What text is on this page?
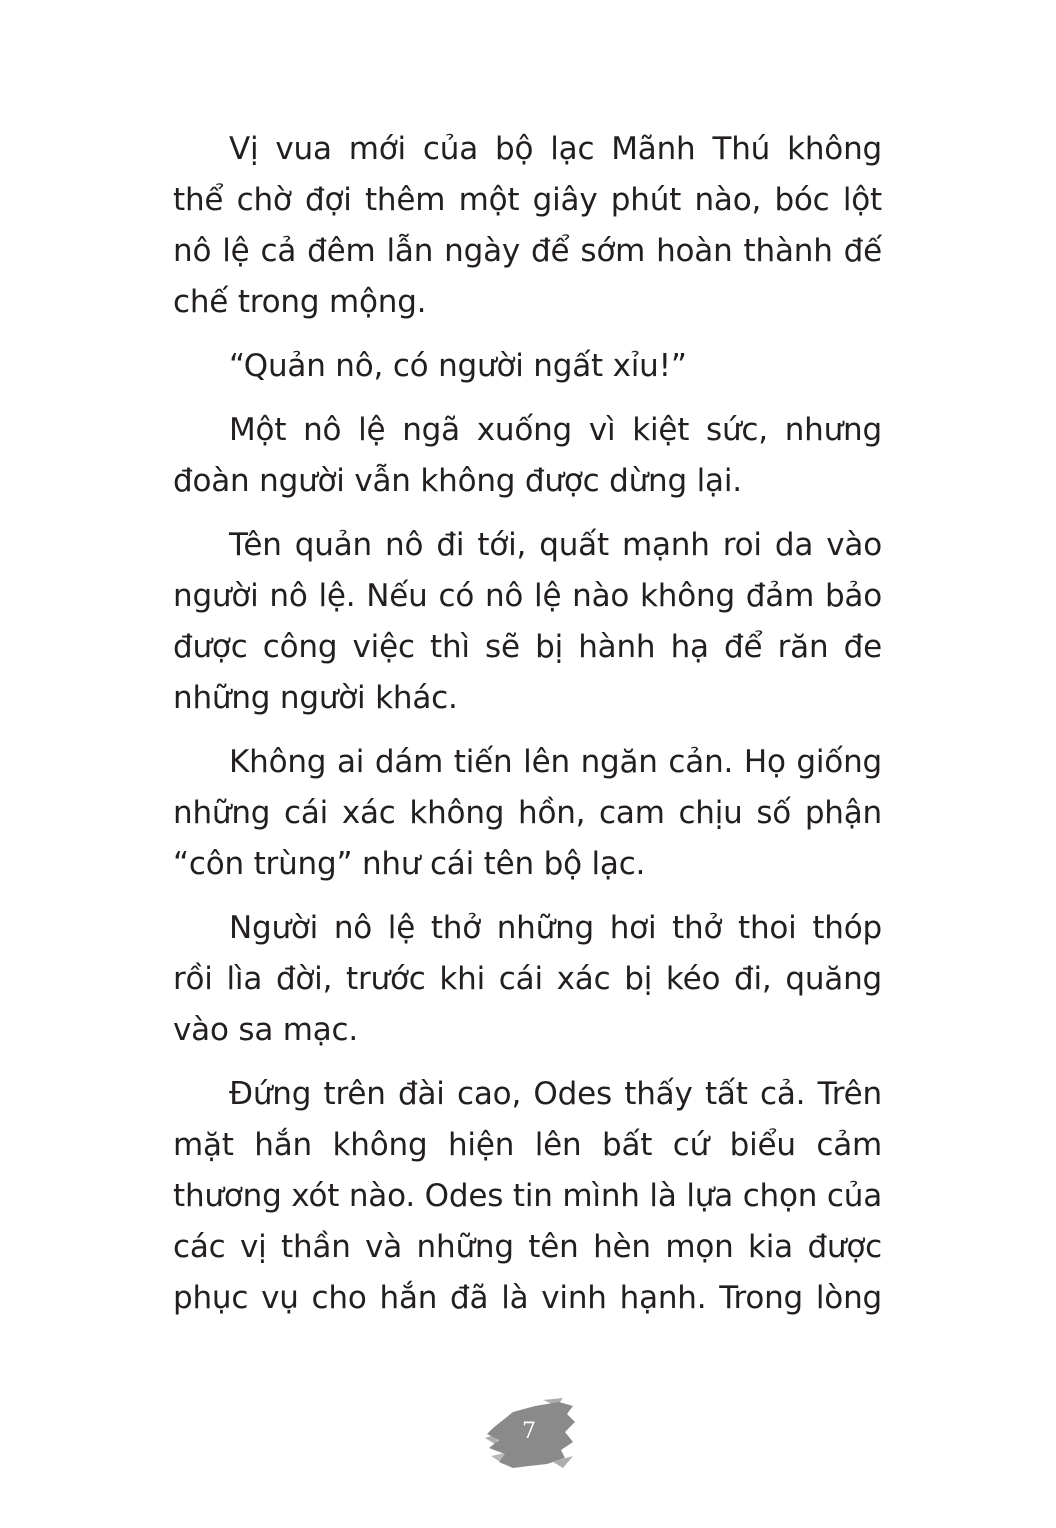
Vị vua mới của bộ lạc Mãnh Thú không thể chờ đợi thêm một giây phút nào, bóc lột nô lệ cả đêm lẫn ngày để sớm hoàn thành đế chế trong mộng.

“Quản nô, có người ngất xỉu!”

Một nô lệ ngã xuống vì kiệt sức, nhưng đoàn người vẫn không được dừng lại.

Tên quản nô đi tới, quất mạnh roi da vào người nô lệ. Nếu có nô lệ nào không đảm bảo được công việc thì sẽ bị hành hạ để răn đe những người khác.

Không ai dám tiến lên ngăn cản. Họ giống những cái xác không hồn, cam chịu số phận “côn trùng” như cái tên bộ lạc.

Người nô lệ thở những hơi thở thoi thóp rồi lìa đời, trước khi cái xác bị kéo đi, quăng vào sa mạc.

Đứng trên đài cao, Odes thấy tất cả. Trên mặt hắn không hiện lên bất cứ biểu cảm thương xót nào. Odes tin mình là lựa chọn của các vị thần và những tên hèn mọn kia được phục vụ cho hắn đã là vinh hạnh. Trong lòng

7
